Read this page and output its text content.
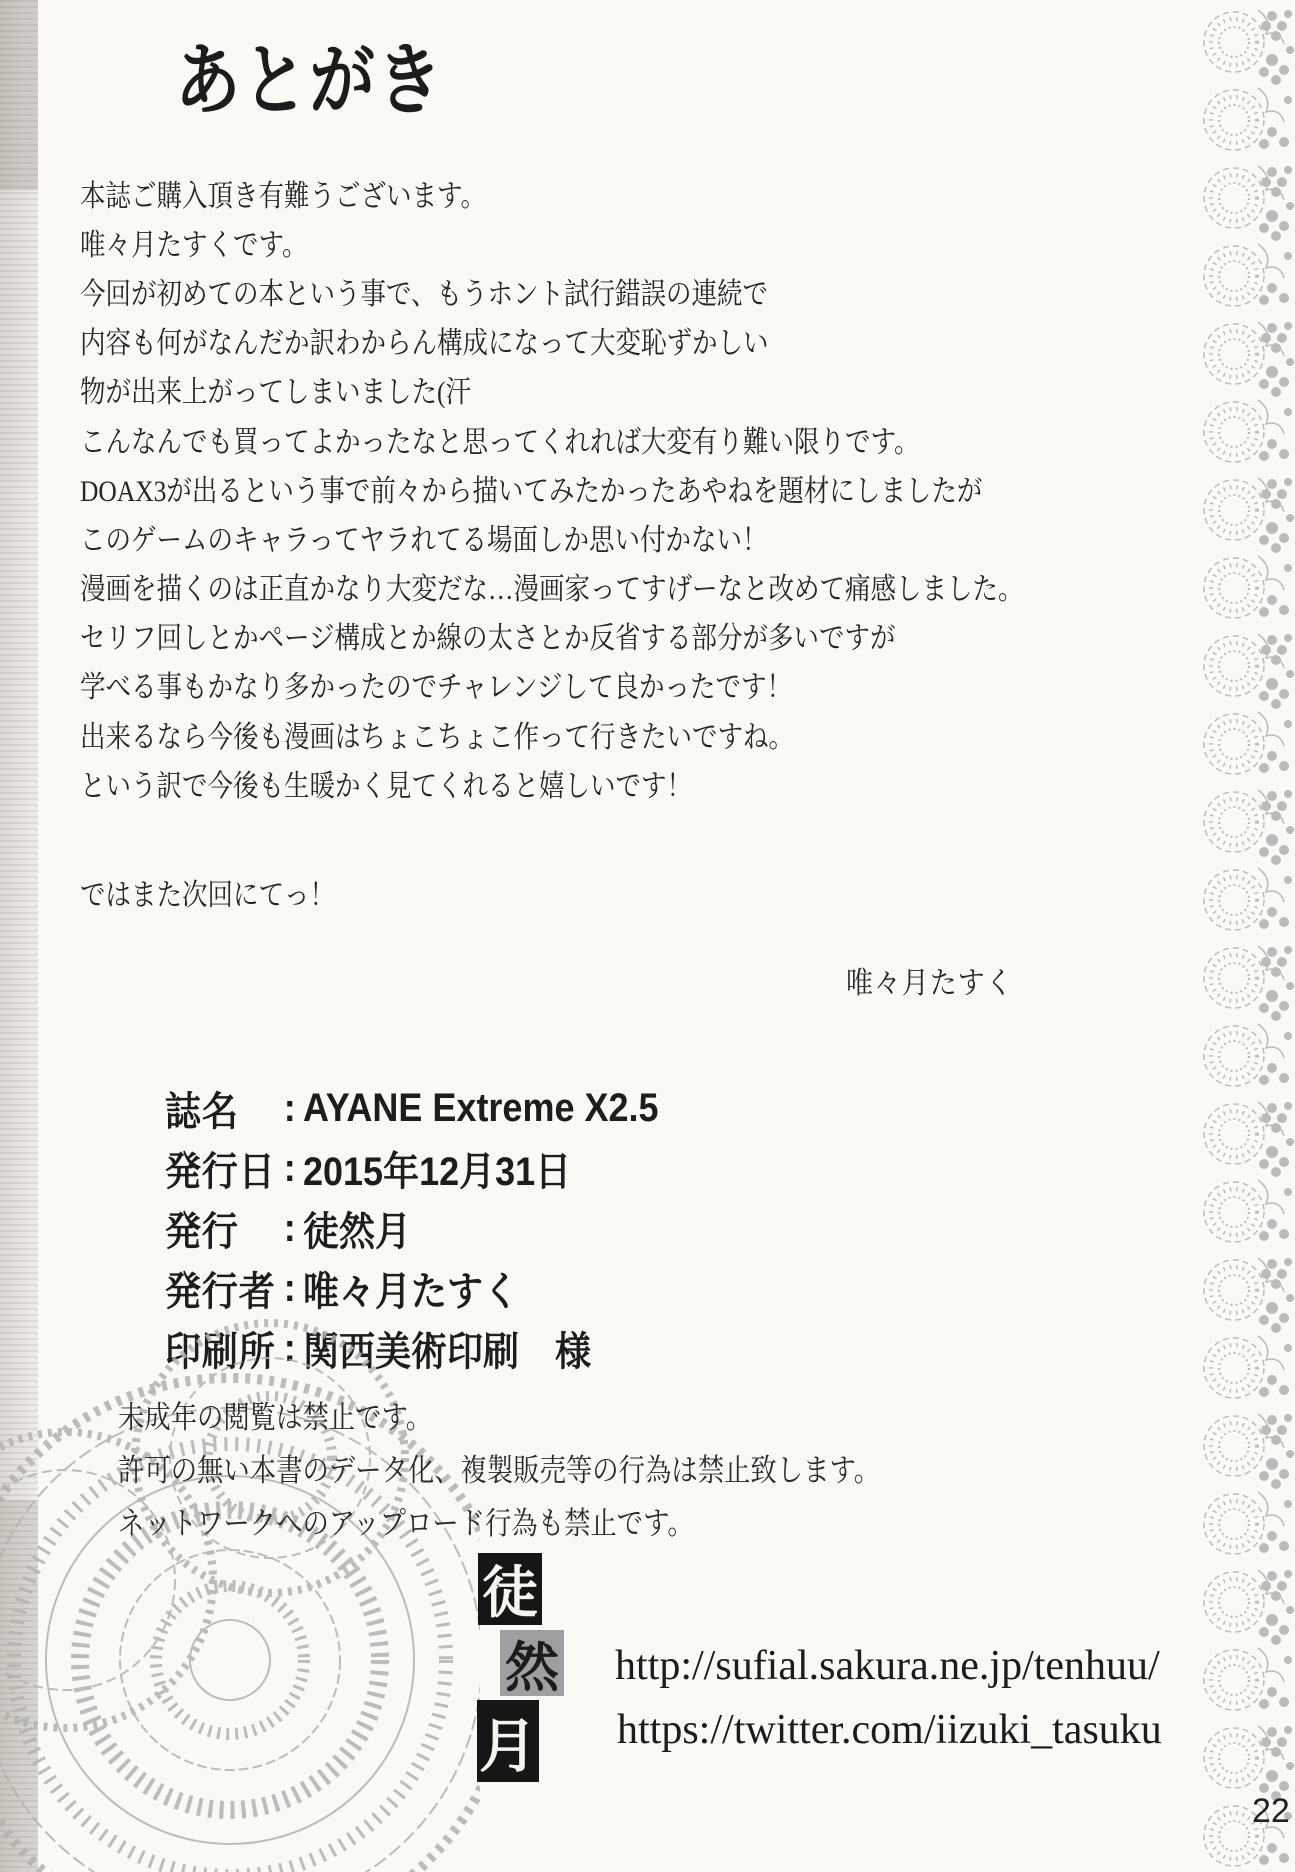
あとがき
本誌ご購入頂き有難うございます。
唯々月たすくです。
今回が初めての本という事で、もうホント試行錯誤の連続で
内容も何がなんだか訳わからん構成になって大変恥ずかしい
物が出来上がってしまいました(汗
こんなんでも買ってよかったなと思ってくれれば大変有り難い限りです。
DOAX3が出るという事で前々から描いてみたかったあやねを題材にしましたが
このゲームのキャラってヤラれてる場面しか思い付かない！
漫画を描くのは正直かなり大変だな…漫画家ってすげーなと改めて痛感しました。
セリフ回しとかページ構成とか線の太さとか反省する部分が多いですが
学べる事もかなり多かったのでチャレンジして良かったです！
出来るなら今後も漫画はちょこちょこ作って行きたいですね。
という訳で今後も生暖かく見てくれると嬉しいです！
ではまた次回にてっ！
唯々月たすく
誌名	: AYANE Extreme X2.5
発行日 : 2015年12月31日
発行	: 徒然月
発行者 : 唯々月たすく
印刷所 : 関西美術印刷　様
未成年の閲覧は禁止です。
許可の無い本書のデータ化、複製販売等の行為は禁止致します。
ネットワークへのアップロード行為も禁止です。
徒
然
月
http://sufial.sakura.ne.jp/tenhuu/
https://twitter.com/iizuki_tasuku
22
